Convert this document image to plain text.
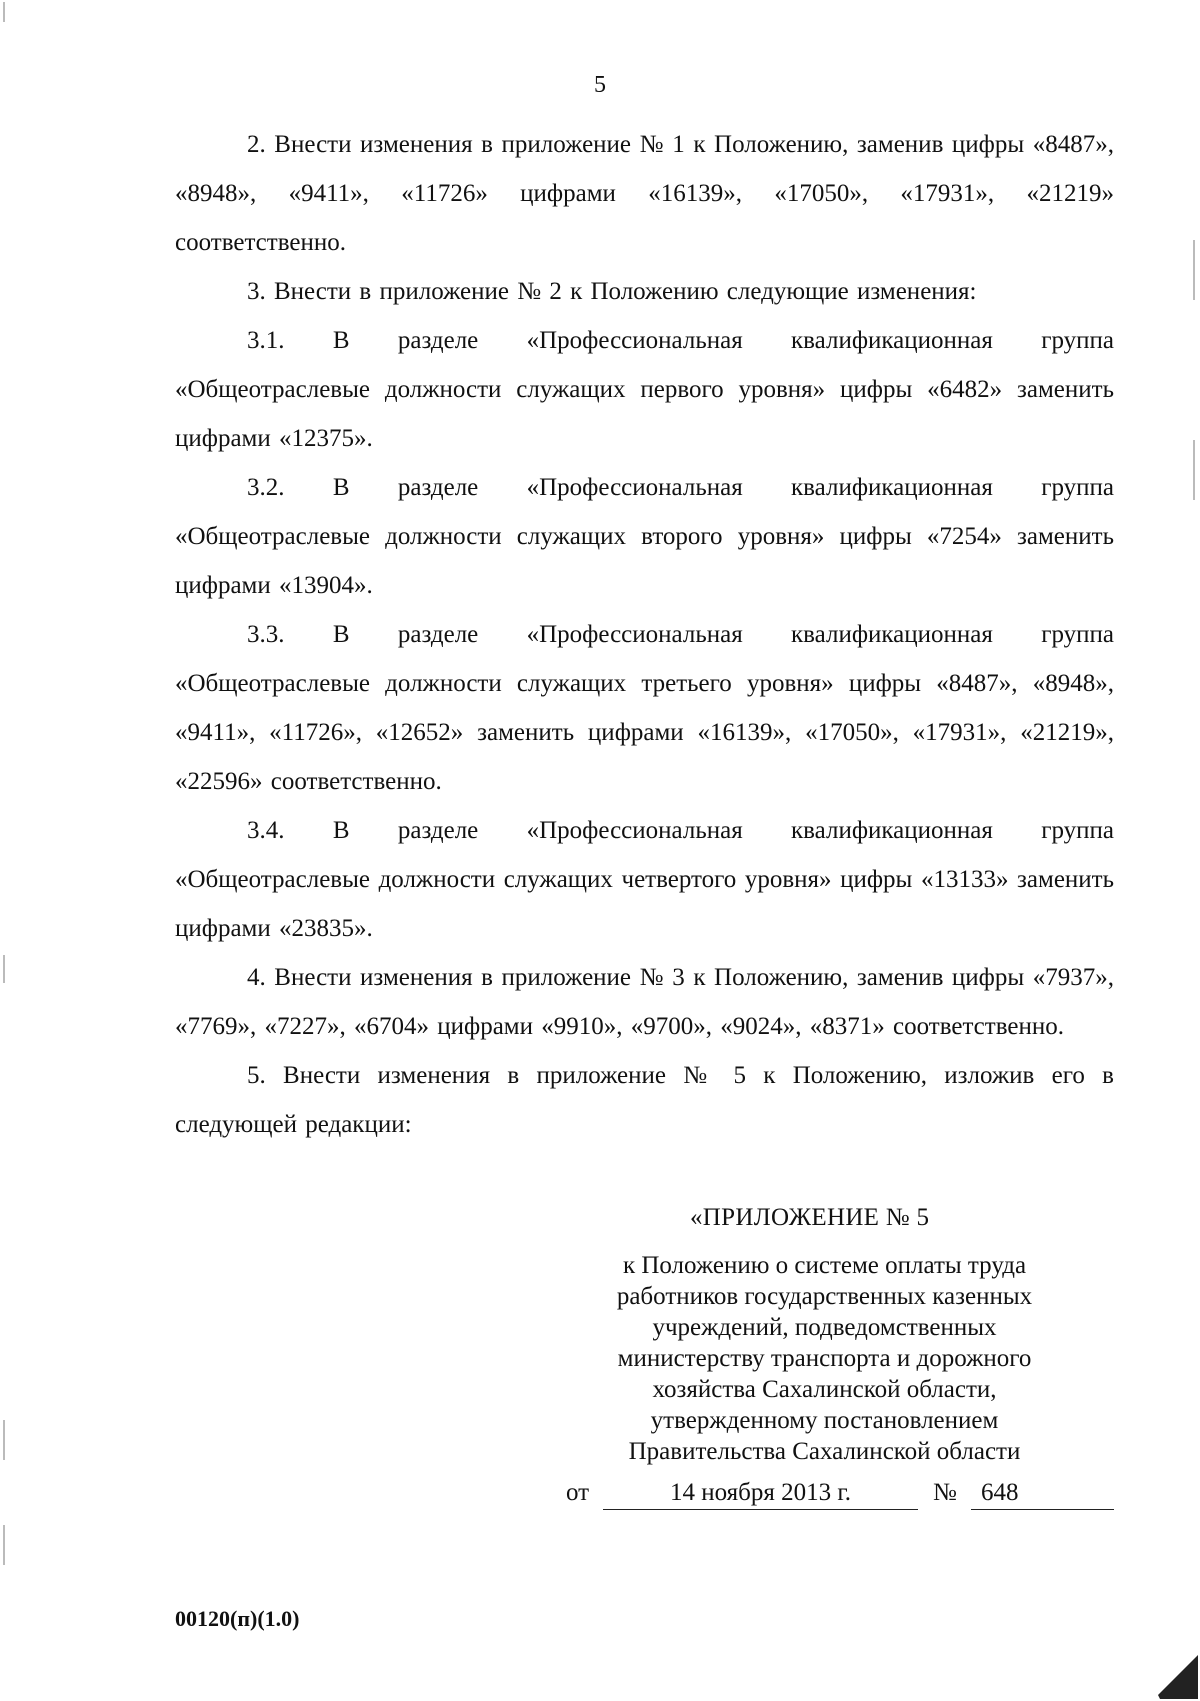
5

2. Внести изменения в приложение № 1 к Положению, заменив цифры «8487», «8948», «9411», «11726» цифрами «16139», «17050», «17931», «21219» соответственно.

3. Внести в приложение № 2 к Положению следующие изменения:

3.1. В разделе «Профессиональная квалификационная группа «Общеотраслевые должности служащих первого уровня» цифры «6482» заменить цифрами «12375».

3.2. В разделе «Профессиональная квалификационная группа «Общеотраслевые должности служащих второго уровня» цифры «7254» заменить цифрами «13904».

3.3. В разделе «Профессиональная квалификационная группа «Общеотраслевые должности служащих третьего уровня» цифры «8487», «8948», «9411», «11726», «12652» заменить цифрами «16139», «17050», «17931», «21219», «22596» соответственно.

3.4. В разделе «Профессиональная квалификационная группа «Общеотраслевые должности служащих четвертого уровня» цифры «13133» заменить цифрами «23835».

4. Внести изменения в приложение № 3 к Положению, заменив цифры «7937», «7769», «7227», «6704» цифрами «9910», «9700», «9024», «8371» соответственно.

5. Внести изменения в приложение № 5 к Положению, изложив его в следующей редакции:

«ПРИЛОЖЕНИЕ № 5
к Положению о системе оплаты труда
работников государственных казенных
учреждений, подведомственных
министерству транспорта и дорожного
хозяйства Сахалинской области,
утвержденному постановлением
Правительства Сахалинской области
от	14 ноября 2013 г.	№ 648
00120(п)(1.0)
